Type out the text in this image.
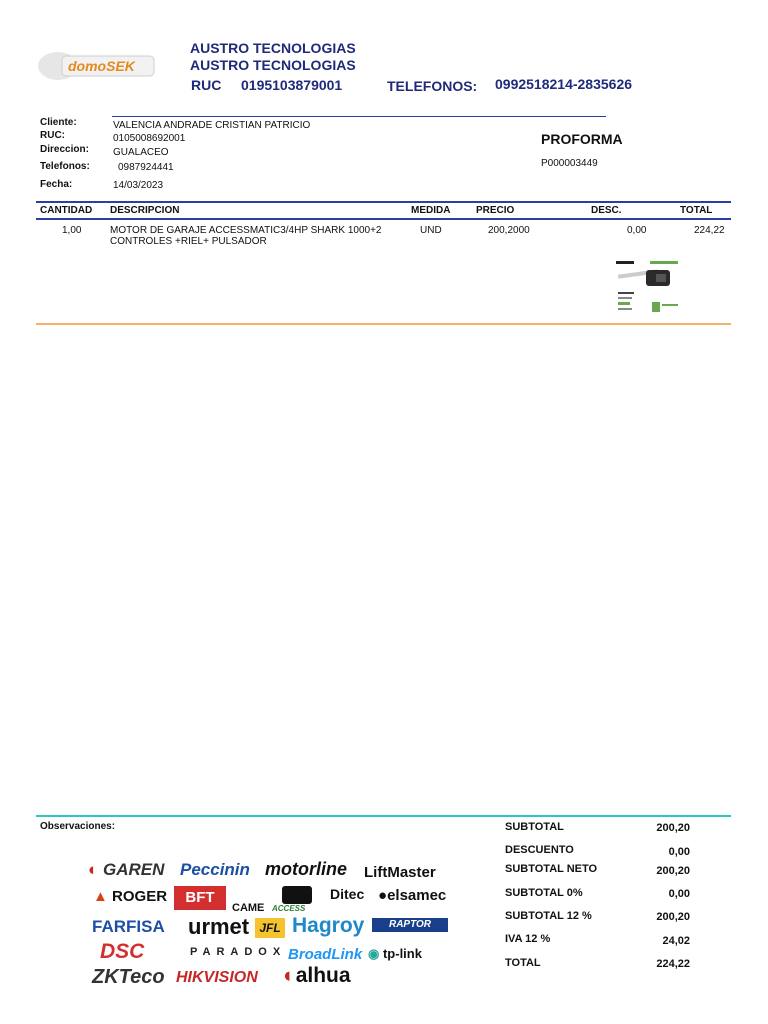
domoSEK
AUSTRO TECNOLOGIAS
AUSTRO TECNOLOGIAS
RUC 0195103879001	TELEFONOS: 0992518214-2835626
Cliente:	VALENCIA ANDRADE CRISTIAN PATRICIO
RUC:	0105008692001
Direccion: GUALACEO
Telefonos:	0987924441
Fecha:	14/03/2023
PROFORMA
P000003449
CANTIDAD DESCRIPCION	MEDIDA	PRECIO	DESC.	TOTAL
1,00	MOTOR DE GARAJE ACCESSMATIC3/4HP SHARK 1000+2
CONTROLES +RIEL+ PULSADOR
UND	200,2000	0,00	224,22
Observaciones:	SUBTOTAL	200,20
DESCUENTO	0,00
SUBTOTAL NETO	200,20
SUBTOTAL 0%	0,00
SUBTOTAL 12 %	200,20
IVA 12 %	24,02
TOTAL	224,22
◐ GAREN Peccinin motorline LiftMaster
▲ ROGER	BFT
CAME ACCESS
Ditec ●elsamec
FARFISA urmet JFL Hagroy	RAPTOR
DSC	PARADOX BroadLink ◉ tp-link
ZKTeco HIKVISION ◐alhua
